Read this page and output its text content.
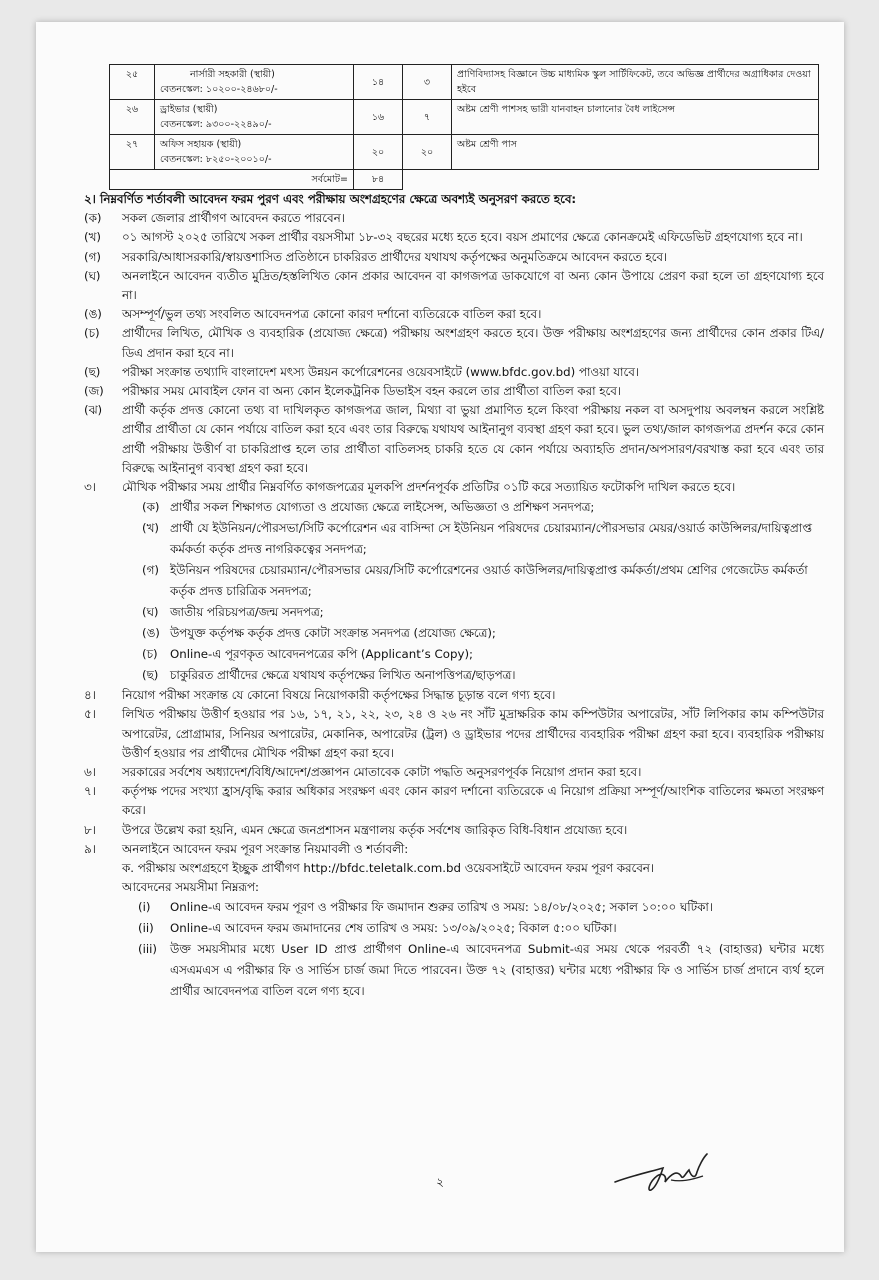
২৫	নার্সারী সহকারী (স্থায়ী)
বেতনস্কেল: ১০২০০-২৪৬৮০/-	১৪	৩	প্রাণিবিদ্যাসহ বিজ্ঞানে উচ্চ মাধ্যমিক স্কুল সার্টিফিকেট, তবে অভিজ্ঞ প্রার্থীদের অগ্রাধিকার দেওয়া হইবে
২৬	ড্রাইভার (স্থায়ী)
বেতনস্কেল: ৯৩০০-২২৪৯০/-	১৬	৭	অষ্টম শ্রেণী পাশসহ ভারী যানবাহন চালানোর বৈধ লাইসেন্স
২৭	অফিস সহায়ক (স্থায়ী)
বেতনস্কেল: ৮২৫০-২০০১০/-	২০	২০	অষ্টম শ্রেণী পাস
সর্বমোট=		৮৪		
২। নিম্নবর্ণিত শর্তাবলী আবেদন ফরম পুরণ এবং পরীক্ষায় অংশগ্রহণের ক্ষেত্রে অবশ্যই অনুসরণ করতে হবে:
(ক)	সকল জেলার প্রার্থীগণ আবেদন করতে পারবেন।
(খ)	০১ আগস্ট ২০২৫ তারিখে সকল প্রার্থীর বয়সসীমা ১৮-৩২ বছরের মধ্যে হতে হবে। বয়স প্রমাণের ক্ষেত্রে কোনক্রমেই এফিডেভিট গ্রহণযোগ্য হবে না।
(গ)	সরকারি/আধাসরকারি/স্বায়ত্তশাসিত প্রতিষ্ঠানে চাকরিরত প্রার্থীদের যথাযথ কর্তৃপক্ষের অনুমতিক্রমে আবেদন করতে হবে।
(ঘ)	অনলাইনে আবেদন ব্যতীত মুদ্রিত/হস্তলিখিত কোন প্রকার আবেদন বা কাগজপত্র ডাকযোগে বা অন্য কোন উপায়ে প্রেরণ করা হলে তা গ্রহণযোগ্য হবে না।
(ঙ)	অসম্পূর্ণ/ভুল তথ্য সংবলিত আবেদনপত্র কোনো কারণ দর্শানো ব্যতিরেকে বাতিল করা হবে।
(চ)	প্রার্থীদের লিখিত, মৌখিক ও ব্যবহারিক (প্রযোজ্য ক্ষেত্রে) পরীক্ষায় অংশগ্রহণ করতে হবে। উক্ত পরীক্ষায় অংশগ্রহণের জন্য প্রার্থীদের কোন প্রকার টিএ/ডিএ প্রদান করা হবে না।
(ছ)	পরীক্ষা সংক্রান্ত তথ্যাদি বাংলাদেশ মৎস্য উন্নয়ন কর্পোরেশনের ওয়েবসাইটে (www.bfdc.gov.bd) পাওয়া যাবে।
(জ)	পরীক্ষার সময় মোবাইল ফোন বা অন্য কোন ইলেকট্রনিক ডিভাইস বহন করলে তার প্রার্থীতা বাতিল করা হবে।
(ঝ)	প্রার্থী কর্তৃক প্রদত্ত কোনো তথ্য বা দাখিলকৃত কাগজপত্র জাল, মিথ্যা বা ভুয়া প্রমাণিত হলে কিংবা পরীক্ষায় নকল বা অসদুপায় অবলম্বন করলে সংশ্লিষ্ট প্রার্থীর প্রার্থীতা যে কোন পর্যায়ে বাতিল করা হবে এবং তার বিরুদ্ধে যথাযথ আইনানুগ ব্যবস্থা গ্রহণ করা হবে। ভুল তথ্য/জাল কাগজপত্র প্রদর্শন করে কোন প্রার্থী পরীক্ষায় উত্তীর্ণ বা চাকরিপ্রাপ্ত হলে তার প্রার্থীতা বাতিলসহ চাকরি হতে যে কোন পর্যায়ে অব্যাহতি প্রদান/অপসারণ/বরখাস্ত করা হবে এবং তার বিরুদ্ধে আইনানুগ ব্যবস্থা গ্রহণ করা হবে।
৩।	মৌখিক পরীক্ষার সময় প্রার্থীর নিম্নবর্ণিত কাগজপত্রের মূলকপি প্রদর্শনপূর্বক প্রতিটির ০১টি করে সত্যায়িত ফটোকপি দাখিল করতে হবে।
(ক) প্রার্থীর সকল শিক্ষাগত যোগ্যতা ও প্রযোজ্য ক্ষেত্রে লাইসেন্স, অভিজ্ঞতা ও প্রশিক্ষণ সনদপত্র;
(খ) প্রার্থী যে ইউনিয়ন/পৌরসভা/সিটি কর্পোরেশন এর বাসিন্দা সে ইউনিয়ন পরিষদের চেয়ারম্যান/পৌরসভার মেয়র/ওয়ার্ড কাউন্সিলর/দায়িত্বপ্রাপ্ত কর্মকর্তা কর্তৃক প্রদত্ত নাগরিকত্বের সনদপত্র;
(গ) ইউনিয়ন পরিষদের চেয়ারম্যান/পৌরসভার মেয়র/সিটি কর্পোরেশনের ওয়ার্ড কাউন্সিলর/দায়িত্বপ্রাপ্ত কর্মকর্তা/প্রথম শ্রেণির গেজেটেড কর্মকর্তা কর্তৃক প্রদত্ত চারিত্রিক সনদপত্র;
(ঘ) জাতীয় পরিচয়পত্র/জন্ম সনদপত্র;
(ঙ) উপযুক্ত কর্তৃপক্ষ কর্তৃক প্রদত্ত কোটা সংক্রান্ত সনদপত্র (প্রযোজ্য ক্ষেত্রে);
(চ)	Online-এ পূরণকৃত আবেদনপত্রের কপি (Applicant’s Copy);
(ছ) চাকুরিরত প্রার্থীদের ক্ষেত্রে যথাযথ কর্তৃপক্ষের লিখিত অনাপত্তিপত্র/ছাড়পত্র।
৪।	নিয়োগ পরীক্ষা সংক্রান্ত যে কোনো বিষয়ে নিয়োগকারী কর্তৃপক্ষের সিদ্ধান্ত চূড়ান্ত বলে গণ্য হবে।
৫।	লিখিত পরীক্ষায় উত্তীর্ণ হওয়ার পর ১৬, ১৭, ২১, ২২, ২৩, ২৪ ও ২৬ নং সাঁট মুদ্রাক্ষরিক কাম কম্পিউটার অপারেটর, সাঁট লিপিকার কাম কম্পিউটার অপারেটর, প্রোগ্রামার, সিনিয়র অপারেটর, মেকানিক, অপারেটর (ট্রল) ও ড্রাইভার পদের প্রার্থীদের ব্যবহারিক পরীক্ষা গ্রহণ করা হবে। ব্যবহারিক পরীক্ষায় উত্তীর্ণ হওয়ার পর প্রার্থীদের মৌখিক পরীক্ষা গ্রহণ করা হবে।
৬।	সরকারের সর্বশেষ অধ্যাদেশ/বিধি/আদেশ/প্রজ্ঞাপন মোতাবেক কোটা পদ্ধতি অনুসরণপূর্বক নিয়োগ প্রদান করা হবে।
৭।	কর্তৃপক্ষ পদের সংখ্যা হ্রাস/বৃদ্ধি করার অধিকার সংরক্ষণ এবং কোন কারণ দর্শানো ব্যতিরেকে এ নিয়োগ প্রক্রিয়া সম্পূর্ণ/আংশিক বাতিলের ক্ষমতা সংরক্ষণ করে।
৮।	উপরে উল্লেখ করা হয়নি, এমন ক্ষেত্রে জনপ্রশাসন মন্ত্রণালয় কর্তৃক সর্বশেষ জারিকৃত বিধি-বিধান প্রযোজ্য হবে।
৯।	অনলাইনে আবেদন ফরম পূরণ সংক্রান্ত নিয়মাবলী ও শর্তাবলী:
ক. পরীক্ষায় অংশগ্রহণে ইচ্ছুক প্রার্থীগণ http://bfdc.teletalk.com.bd ওয়েবসাইটে আবেদন ফরম পূরণ করবেন।
আবেদনের সময়সীমা নিম্নরূপ:
(i)	Online-এ আবেদন ফরম পূরণ ও পরীক্ষার ফি জমাদান শুরুর তারিখ ও সময়: ১৪/০৮/২০২৫; সকাল ১০:০০ ঘটিকা।
(ii)	Online-এ আবেদন ফরম জমাদানের শেষ তারিখ ও সময়: ১৩/০৯/২০২৫; বিকাল ৫:০০ ঘটিকা।
(iii)	উক্ত সময়সীমার মধ্যে User ID প্রাপ্ত প্রার্থীগণ Online-এ আবেদনপত্র Submit-এর সময় থেকে পরবর্তী ৭২ (বাহাত্তর) ঘন্টার মধ্যে এসএমএস এ পরীক্ষার ফি ও সার্ভিস চার্জ জমা দিতে পারবেন। উক্ত ৭২ (বাহাত্তর) ঘন্টার মধ্যে পরীক্ষার ফি ও সার্ভিস চার্জ প্রদানে ব্যর্থ হলে প্রার্থীর আবেদনপত্র বাতিল বলে গণ্য হবে।
২
